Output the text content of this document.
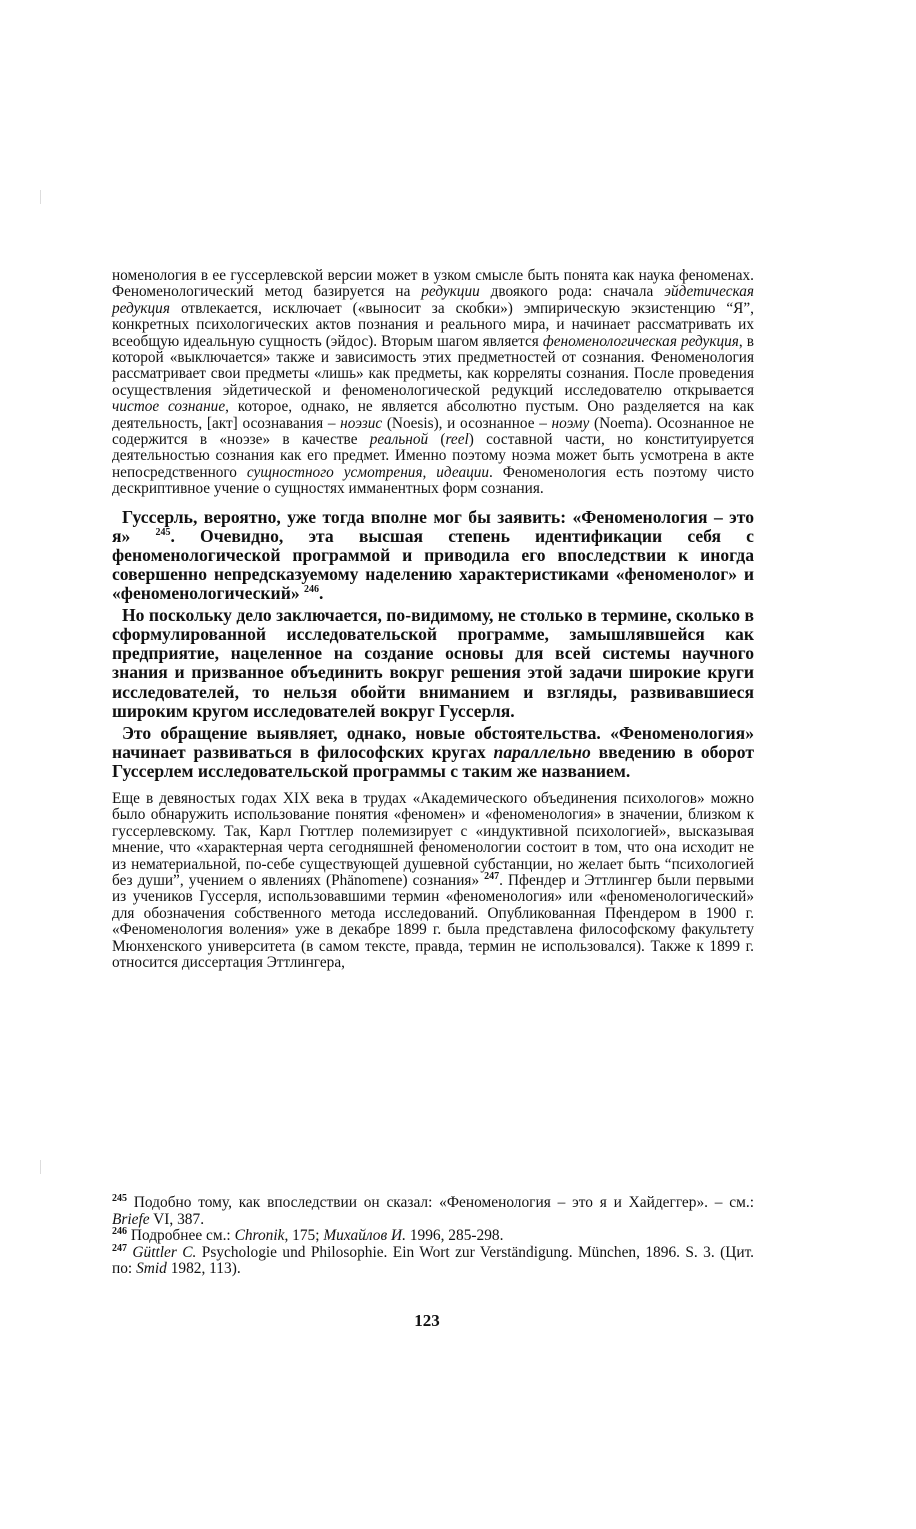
номенология в ее гуссерлевской версии может в узком смысле быть понята как наука феноменах. Феноменологический метод базируется на редукции двоякого рода: сначала эйдетическая редукция отвлекается, исключает («выносит за скобки») эмпирическую экзистенцию “Я”, конкретных психологических актов познания и реального мира, и начинает рассматривать их всеобщую идеальную сущность (эйдос). Вторым шагом является феноменологическая редукция, в которой «выключается» также и зависимость этих предметностей от сознания. Феноменология рассматривает свои предметы «лишь» как предметы, как корреляты сознания. После проведения осуществления эйдетической и феноменологической редукций исследователю открывается чистое сознание, которое, однако, не является абсолютно пустым. Оно разделяется на как деятельность, [акт] осознавания – ноэзис (Noesis), и осознанное – ноэму (Noema). Осознанное не содержится в «ноэзе» в качестве реальной (reel) составной части, но конституируется деятельностью сознания как его предмет. Именно поэтому ноэма может быть усмотрена в акте непосредственного сущностного усмотрения, идеации. Феноменология есть поэтому чисто дескриптивное учение о сущностях имманентных форм сознания.

Гуссерль, вероятно, уже тогда вполне мог бы заявить: «Феноменология – это я» $^{245}$. Очевидно, эта высшая степень идентификации себя с феноменологической программой и приводила его впоследствии к иногда совершенно непредсказуемому наделению характеристиками «феноменолог» и «феноменологический» $^{246}$.

Но поскольку дело заключается, по-видимому, не столько в термине, сколько в сформулированной исследовательской программе, замышлявшейся как предприятие, нацеленное на создание основы для всей системы научного знания и призванное объединить вокруг решения этой задачи широкие круги исследователей, то нельзя обойти вниманием и взгляды, развивавшиеся широким кругом исследователей вокруг Гуссерля.

Это обращение выявляет, однако, новые обстоятельства. «Феноменология» начинает развиваться в философских кругах параллельно введению в оборот Гуссерлем исследовательской программы с таким же названием.

Еще в девяностых годах XIX века в трудах «Академического объединения психологов» можно было обнаружить использование понятия «феномен» и «феноменология» в значении, близком к гуссерлевскому. Так, Карл Гюттлер полемизирует с «индуктивной психологией», высказывая мнение, что «характерная черта сегодняшней феноменологии состоит в том, что она исходит не из нематериальной, по-себе существующей душевной субстанции, но желает быть “психологией без души”, учением о явлениях (Phänomene) сознания» $^{247}$. Пфендер и Эттлингер были первыми из учеников Гуссерля, использовавшими термин «феноменология» или «феноменологический» для обозначения собственного метода исследований. Опубликованная Пфендером в 1900 г. «Феноменология воления» уже в декабре 1899 г. была представлена философскому факультету Мюнхенского университета (в самом тексте, правда, термин не использовался). Также к 1899 г. относится диссертация Эттлингера,

$^{245}$ Подобно тому, как впоследствии он сказал: «Феноменология – это я и Хайдеггер». – см.: Briefe VI, 387.

$^{246}$ Подробнее см.: Chronik, 175; Михайлов И. 1996, 285-298.

$^{247}$ Güttler C. Psychologie und Philosophie. Ein Wort zur Verständigung. München, 1896. S. 3. (Цит. по: Smid 1982, 113).

123
